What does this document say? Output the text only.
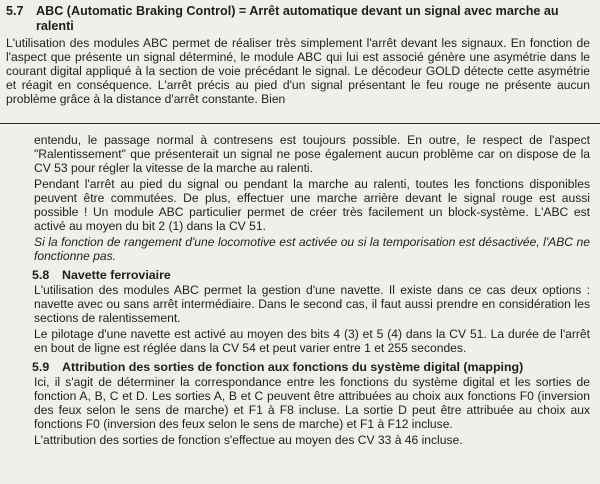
5.7 ABC (Automatic Braking Control) = Arrêt automatique devant un signal avec marche au ralenti

L'utilisation des modules ABC permet de réaliser très simplement l'arrêt devant les signaux. En fonction de l'aspect que présente un signal déterminé, le module ABC qui lui est associé génère une asymétrie dans le courant digital appliqué à la section de voie précédant le signal. Le décodeur GOLD détecte cette asymétrie et réagit en conséquence. L'arrêt précis au pied d'un signal présentant le feu rouge ne présente aucun problème grâce à la distance d'arrêt constante. Bien

entendu, le passage normal à contresens est toujours possible. En outre, le respect de l'aspect "Ralentissement" que présenterait un signal ne pose également aucun problème car on dispose de la CV 53 pour régler la vitesse de la marche au ralenti.

Pendant l'arrêt au pied du signal ou pendant la marche au ralenti, toutes les fonctions disponibles peuvent être commutées. De plus, effectuer une marche arrière devant le signal rouge est aussi possible ! Un module ABC particulier permet de créer très facilement un block-système. L'ABC est activé au moyen du bit 2 (1) dans la CV 51.

Si la fonction de rangement d'une locomotive est activée ou si la temporisation est désactivée, l'ABC ne fonctionne pas.

5.8	Navette ferroviaire

L'utilisation des modules ABC permet la gestion d'une navette. Il existe dans ce cas deux options : navette avec ou sans arrêt intermédiaire. Dans le second cas, il faut aussi prendre en considération les sections de ralentissement.

Le pilotage d'une navette est activé au moyen des bits 4 (3) et 5 (4) dans la CV 51. La durée de l'arrêt en bout de ligne est réglée dans la CV 54 et peut varier entre 1 et 255 secondes.

5.9	Attribution des sorties de fonction aux fonctions du système digital (mapping)

Ici, il s'agit de déterminer la correspondance entre les fonctions du système digital et les sorties de fonction A, B, C et D. Les sorties A, B et C peuvent être attribuées au choix aux fonctions F0 (inversion des feux selon le sens de marche) et F1 à F8 incluse. La sortie D peut être attribuée au choix aux fonctions F0 (inversion des feux selon le sens de marche) et F1 à F12 incluse.

L'attribution des sorties de fonction s'effectue au moyen des CV 33 à 46 incluse.
